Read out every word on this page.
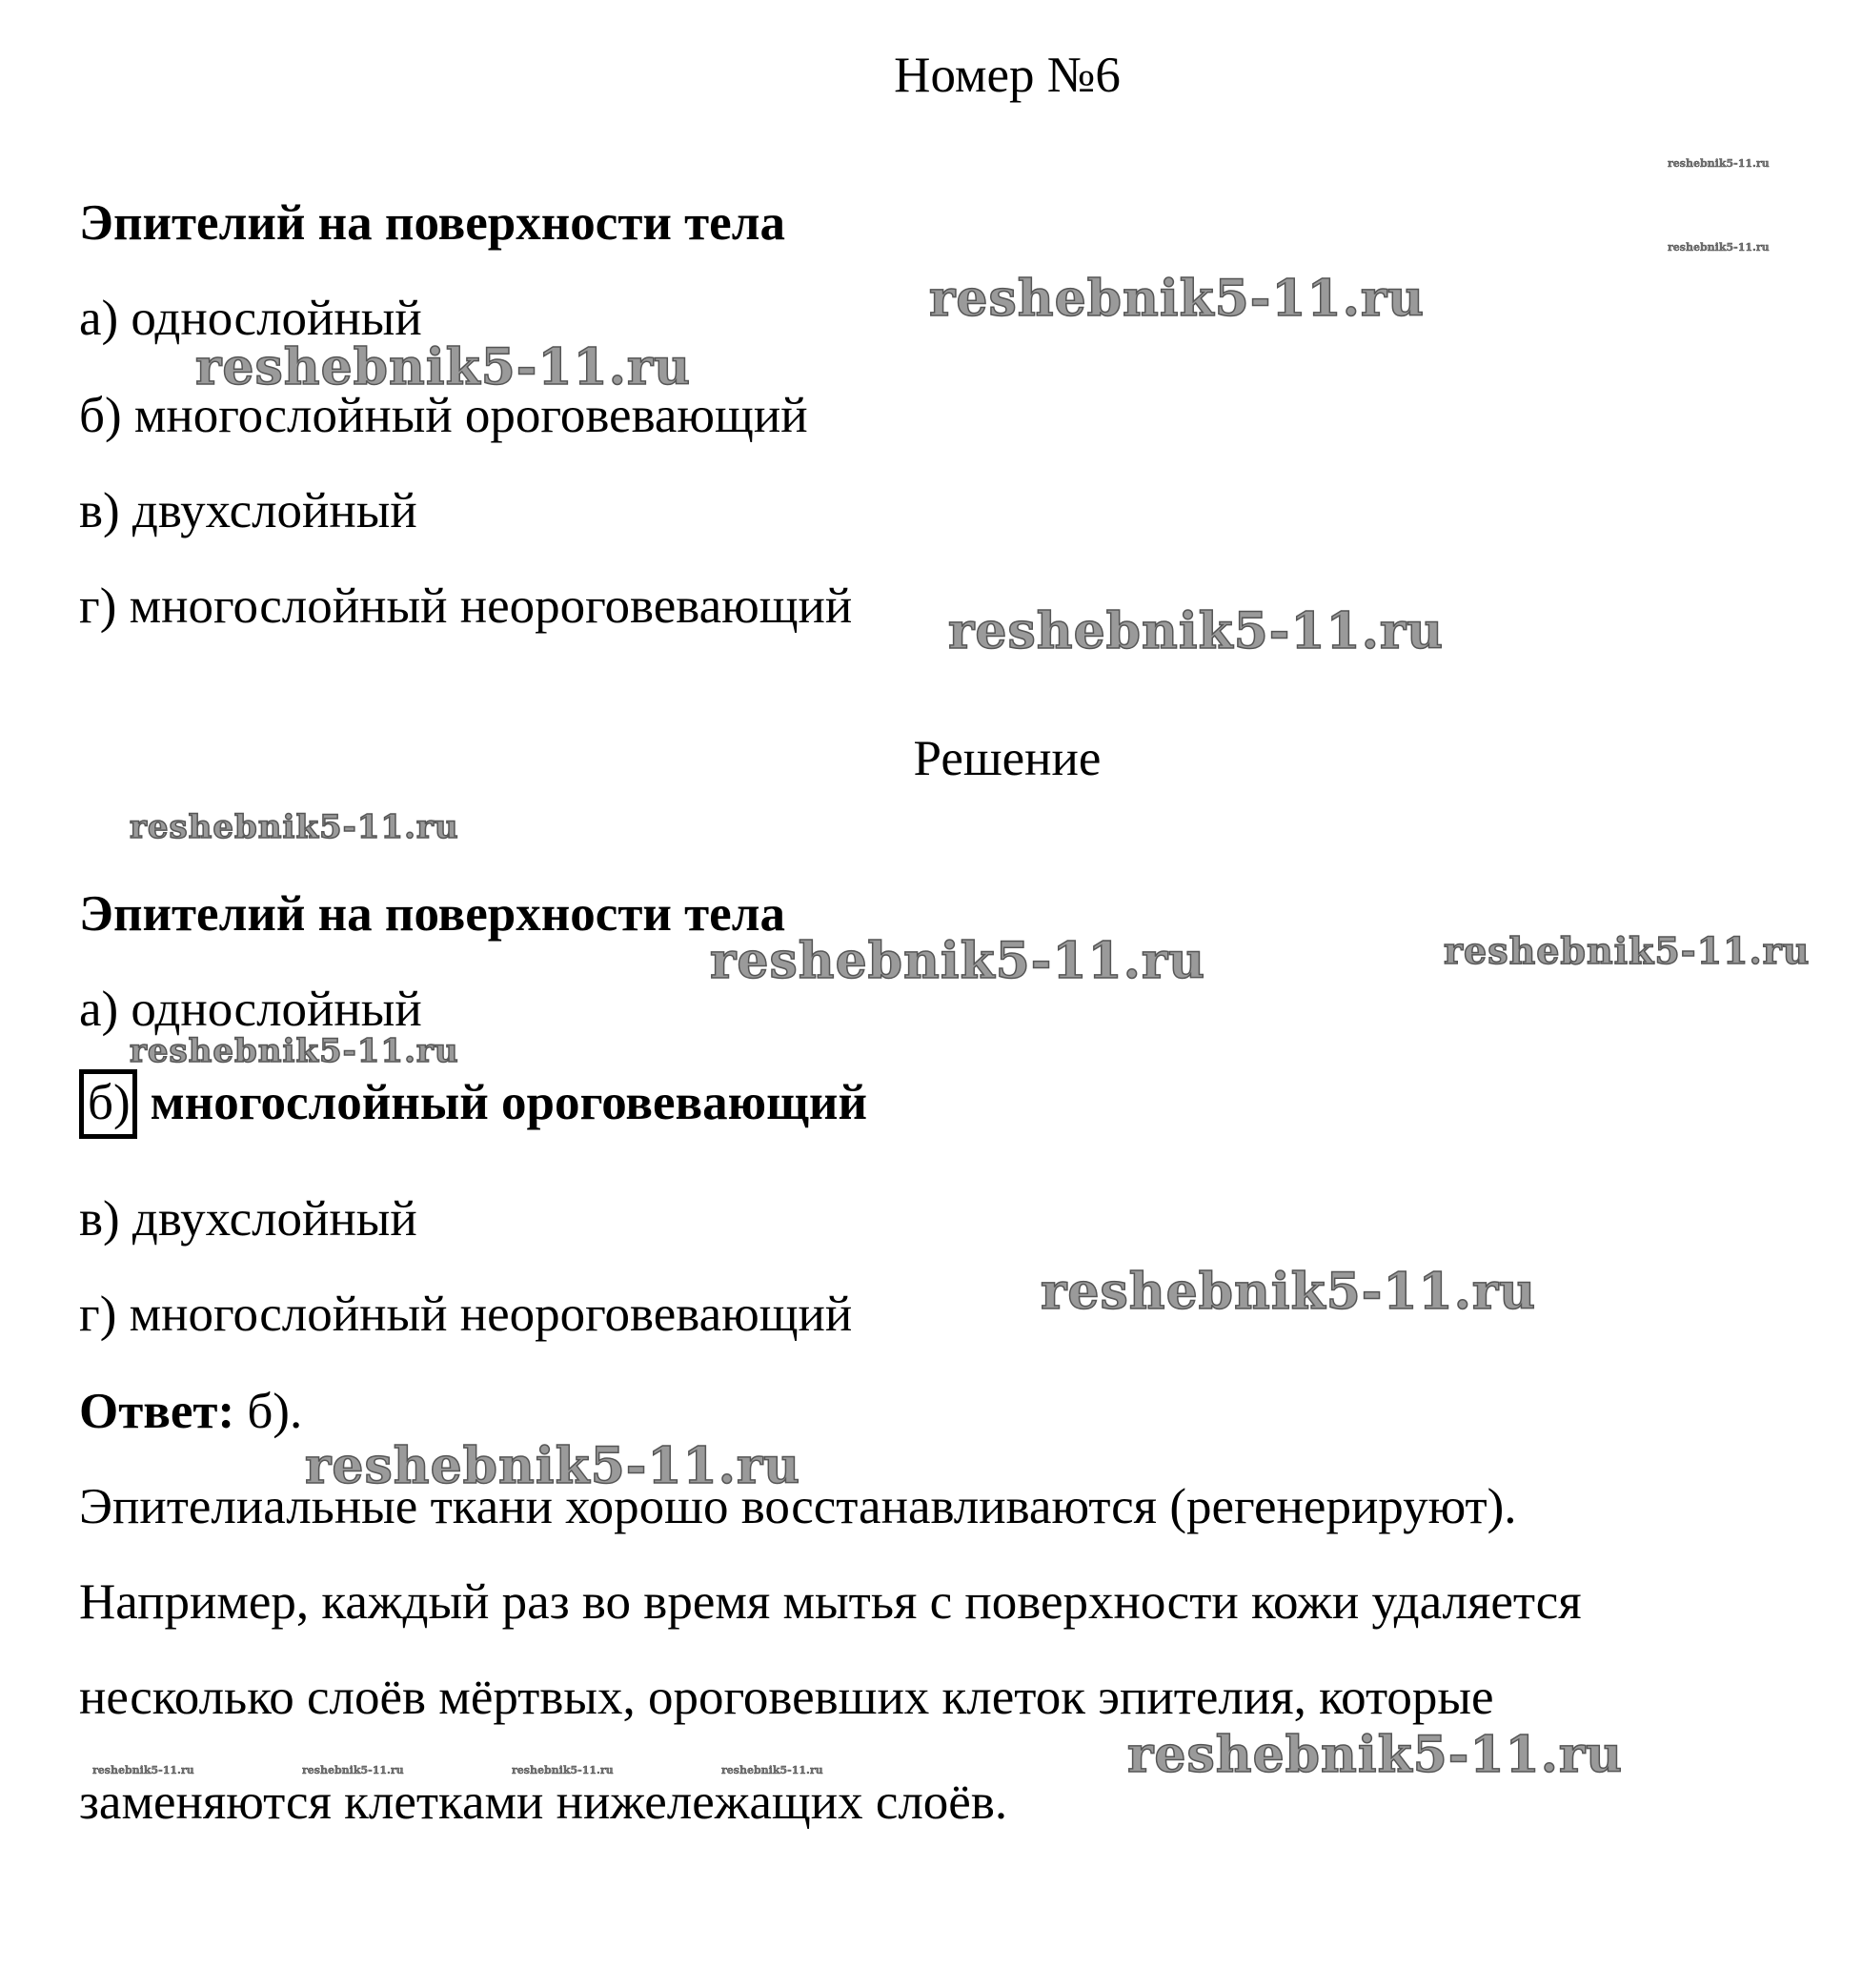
Номер №6
Эпителий на поверхности тела
а) однослойный
б) многослойный ороговевающий
в) двухслойный
г) многослойный неороговевающий
Решение
Эпителий на поверхности тела
а) однослойный
б) многослойный ороговевающий
в) двухслойный
г) многослойный неороговевающий
Ответ: б).
Эпителиальные ткани хорошо восстанавливаются (регенерируют).
Например, каждый раз во время мытья с поверхности кожи удаляется
несколько слоёв мёртвых, ороговевших клеток эпителия, которые
заменяются клетками нижележащих слоёв.
reshebnik5-11.ru
reshebnik5-11.ru
reshebnik5-11.ru
reshebnik5-11.ru
reshebnik5-11.ru	reshebnik5-11.ru
reshebnik5-11.ru
reshebnik5-11.ru
reshebnik5-11.ru
reshebnik5-11.ru
reshebnik5-11.ru
reshebnik5-11.ru
reshebnik5-11.ru	reshebnik5-11.ru	reshebnik5-11.ru	reshebnik5-11.ru
